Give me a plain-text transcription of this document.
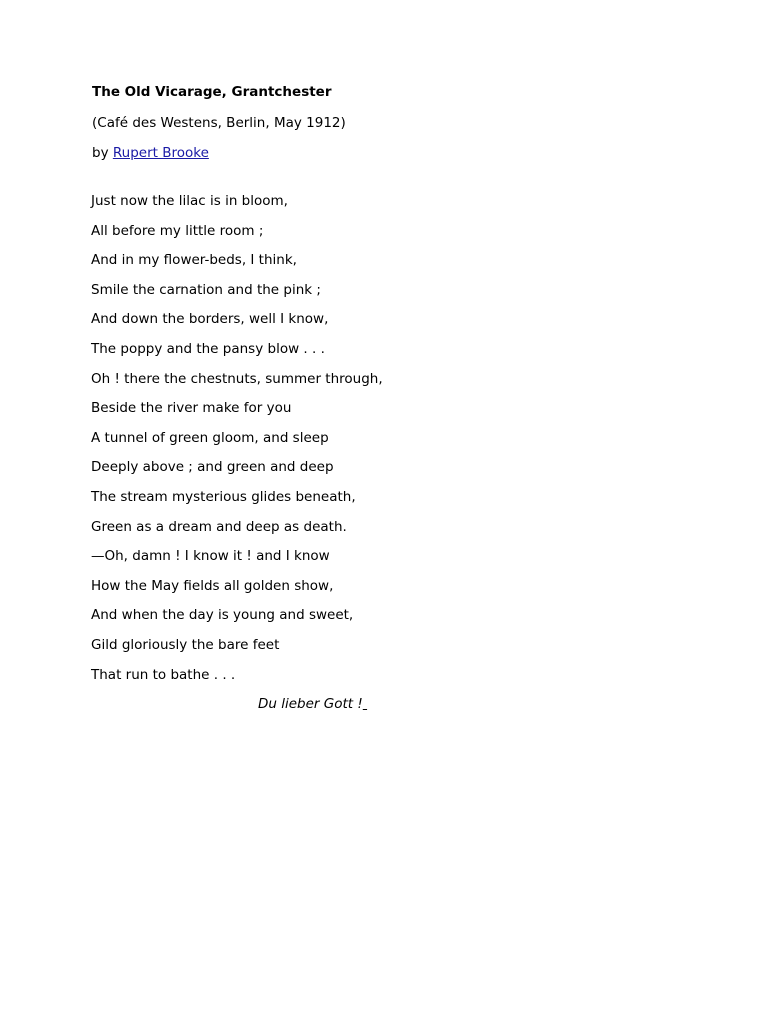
The Old Vicarage, Grantchester
(Café des Westens, Berlin, May 1912)
by Rupert Brooke
Just now the lilac is in bloom,
All before my little room ;
And in my flower-beds, I think,
Smile the carnation and the pink ;
And down the borders, well I know,
The poppy and the pansy blow . . .
Oh ! there the chestnuts, summer through,
Beside the river make for you
A tunnel of green gloom, and sleep
Deeply above ; and green and deep
The stream mysterious glides beneath,
Green as a dream and deep as death.
—Oh, damn ! I know it ! and I know
How the May fields all golden show,
And when the day is young and sweet,
Gild gloriously the bare feet
That run to bathe . . .
Du lieber Gott !
